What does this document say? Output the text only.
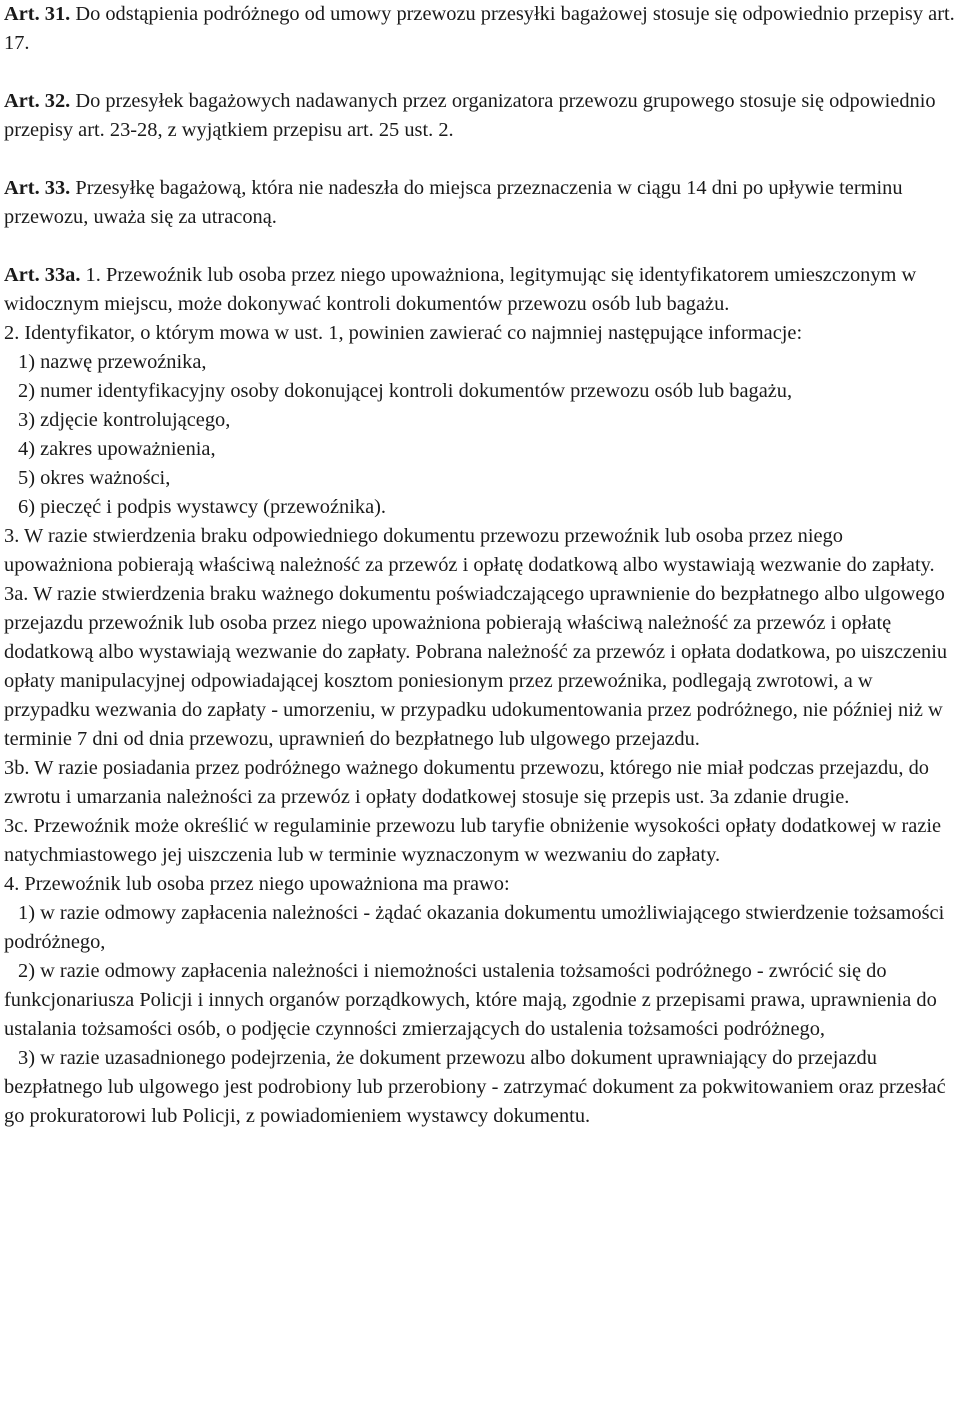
Art. 31. Do odstąpienia podróżnego od umowy przewozu przesyłki bagażowej stosuje się odpowiednio przepisy art. 17.

Art. 32. Do przesyłek bagażowych nadawanych przez organizatora przewozu grupowego stosuje się odpowiednio przepisy art. 23-28, z wyjątkiem przepisu art. 25 ust. 2.

Art. 33. Przesyłkę bagażową, która nie nadeszła do miejsca przeznaczenia w ciągu 14 dni po upływie terminu przewozu, uważa się za utraconą.

Art. 33a. 1. Przewoźnik lub osoba przez niego upoważniona, legitymując się identyfikatorem umieszczonym w widocznym miejscu, może dokonywać kontroli dokumentów przewozu osób lub bagażu.

2. Identyfikator, o którym mowa w ust. 1, powinien zawierać co najmniej następujące informacje:

1) nazwę przewoźnika,
2) numer identyfikacyjny osoby dokonującej kontroli dokumentów przewozu osób lub bagażu,
3) zdjęcie kontrolującego,
4) zakres upoważnienia,
5) okres ważności,
6) pieczęć i podpis wystawcy (przewoźnika).

3. W razie stwierdzenia braku odpowiedniego dokumentu przewozu przewoźnik lub osoba przez niego upoważniona pobierają właściwą należność za przewóz i opłatę dodatkową albo wystawiają wezwanie do zapłaty.

3a. W razie stwierdzenia braku ważnego dokumentu poświadczającego uprawnienie do bezpłatnego albo ulgowego przejazdu przewoźnik lub osoba przez niego upoważniona pobierają właściwą należność za przewóz i opłatę dodatkową albo wystawiają wezwanie do zapłaty. Pobrana należność za przewóz i opłata dodatkowa, po uiszczeniu opłaty manipulacyjnej odpowiadającej kosztom poniesionym przez przewoźnika, podlegają zwrotowi, a w przypadku wezwania do zapłaty - umorzeniu, w przypadku udokumentowania przez podróżnego, nie później niż w terminie 7 dni od dnia przewozu, uprawnień do bezpłatnego lub ulgowego przejazdu.

3b. W razie posiadania przez podróżnego ważnego dokumentu przewozu, którego nie miał podczas przejazdu, do zwrotu i umarzania należności za przewóz i opłaty dodatkowej stosuje się przepis ust. 3a zdanie drugie.

3c. Przewoźnik może określić w regulaminie przewozu lub taryfie obniżenie wysokości opłaty dodatkowej w razie natychmiastowego jej uiszczenia lub w terminie wyznaczonym w wezwaniu do zapłaty.

4. Przewoźnik lub osoba przez niego upoważniona ma prawo:

1) w razie odmowy zapłacenia należności - żądać okazania dokumentu umożliwiającego stwierdzenie tożsamości podróżnego,
2) w razie odmowy zapłacenia należności i niemożności ustalenia tożsamości podróżnego - zwrócić się do funkcjonariusza Policji i innych organów porządkowych, które mają, zgodnie z przepisami prawa, uprawnienia do ustalania tożsamości osób, o podjęcie czynności zmierzających do ustalenia tożsamości podróżnego,
3) w razie uzasadnionego podejrzenia, że dokument przewozu albo dokument uprawniający do przejazdu bezpłatnego lub ulgowego jest podrobiony lub przerobiony - zatrzymać dokument za pokwitowaniem oraz przesłać go prokuratorowi lub Policji, z powiadomieniem wystawcy dokumentu.
